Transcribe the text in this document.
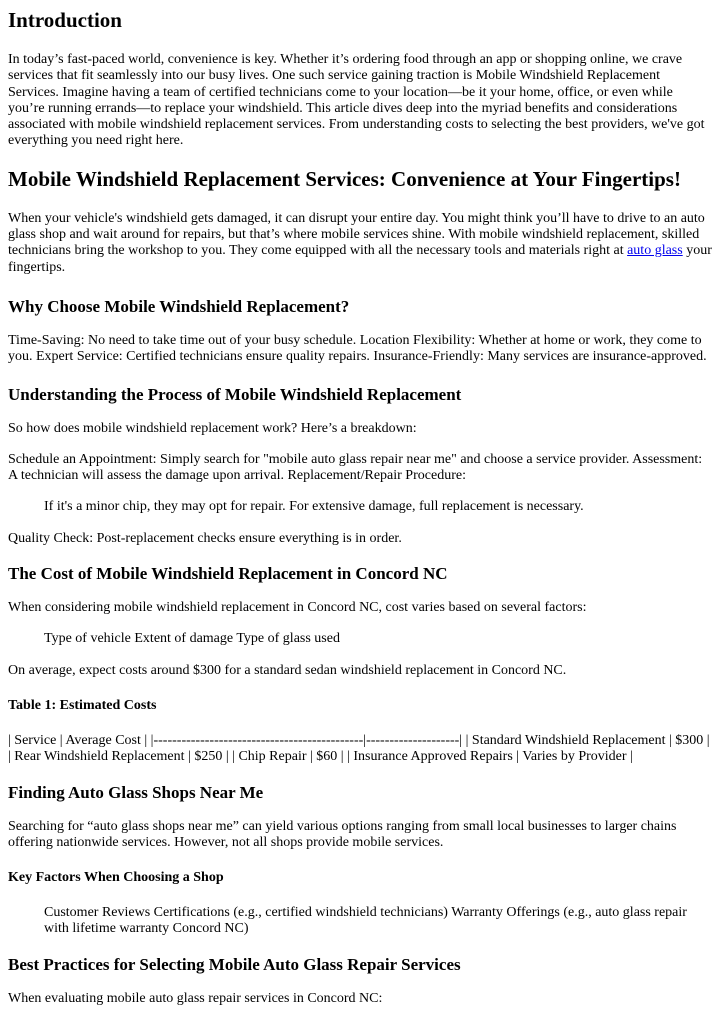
Introduction

In today’s fast-paced world, convenience is key. Whether it’s ordering food through an app or shopping online, we crave services that fit seamlessly into our busy lives. One such service gaining traction is Mobile Windshield Replacement Services. Imagine having a team of certified technicians come to your location—be it your home, office, or even while you’re running errands—to replace your windshield. This article dives deep into the myriad benefits and considerations associated with mobile windshield replacement services. From understanding costs to selecting the best providers, we've got everything you need right here.

Mobile Windshield Replacement Services: Convenience at Your Fingertips!

When your vehicle's windshield gets damaged, it can disrupt your entire day. You might think you’ll have to drive to an auto glass shop and wait around for repairs, but that’s where mobile services shine. With mobile windshield replacement, skilled technicians bring the workshop to you. They come equipped with all the necessary tools and materials right at auto glass your fingertips.

Why Choose Mobile Windshield Replacement?

Time-Saving: No need to take time out of your busy schedule. Location Flexibility: Whether at home or work, they come to you. Expert Service: Certified technicians ensure quality repairs. Insurance-Friendly: Many services are insurance-approved.

Understanding the Process of Mobile Windshield Replacement

So how does mobile windshield replacement work? Here’s a breakdown:

Schedule an Appointment: Simply search for "mobile auto glass repair near me" and choose a service provider. Assessment: A technician will assess the damage upon arrival. Replacement/Repair Procedure:

If it's a minor chip, they may opt for repair. For extensive damage, full replacement is necessary.

Quality Check: Post-replacement checks ensure everything is in order.

The Cost of Mobile Windshield Replacement in Concord NC

When considering mobile windshield replacement in Concord NC, cost varies based on several factors:

Type of vehicle Extent of damage Type of glass used

On average, expect costs around $300 for a standard sedan windshield replacement in Concord NC.

Table 1: Estimated Costs

| Service | Average Cost | |---------------------------------------------|--------------------| | Standard Windshield Replacement | $300 | | Rear Windshield Replacement | $250 | | Chip Repair | $60 | | Insurance Approved Repairs | Varies by Provider |

Finding Auto Glass Shops Near Me

Searching for “auto glass shops near me” can yield various options ranging from small local businesses to larger chains offering nationwide services. However, not all shops provide mobile services.

Key Factors When Choosing a Shop
Customer Reviews Certifications (e.g., certified windshield technicians) Warranty Offerings (e.g., auto glass repair with lifetime warranty Concord NC)
Best Practices for Selecting Mobile Auto Glass Repair Services

When evaluating mobile auto glass repair services in Concord NC:
